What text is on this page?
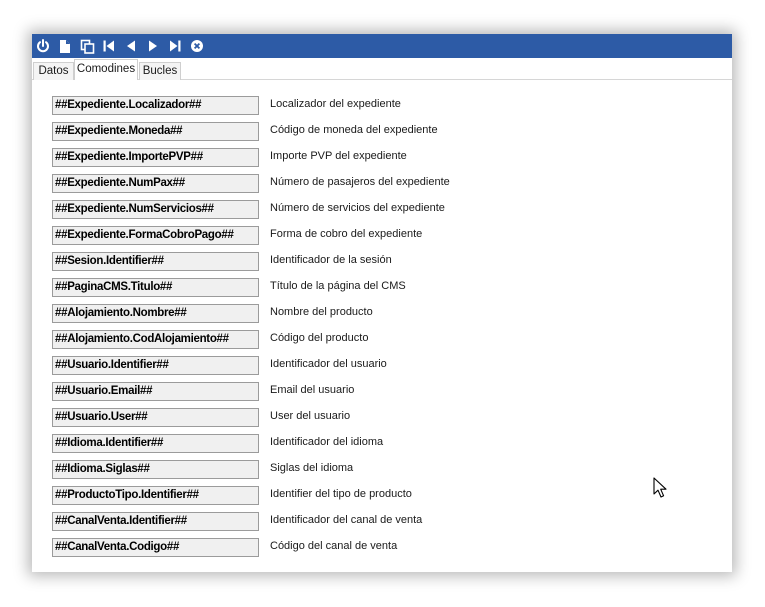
Datos Comodines Bucles
##Expediente.Localizador##	Localizador del expediente
##Expediente.Moneda##	Código de moneda del expediente
##Expediente.ImportePVP##	Importe PVP del expediente
##Expediente.NumPax##	Número de pasajeros del expediente
##Expediente.NumServicios##	Número de servicios del expediente
##Expediente.FormaCobroPago##	Forma de cobro del expediente
##Sesion.Identifier##	Identificador de la sesión
##PaginaCMS.Titulo##	Título de la página del CMS
##Alojamiento.Nombre##	Nombre del producto
##Alojamiento.CodAlojamiento##	Código del producto
##Usuario.Identifier##	Identificador del usuario
##Usuario.Email##	Email del usuario
##Usuario.User##	User del usuario
##Idioma.Identifier##	Identificador del idioma
##Idioma.Siglas##	Siglas del idioma
##ProductoTipo.Identifier##	Identifier del tipo de producto
##CanalVenta.Identifier##	Identificador del canal de venta
##CanalVenta.Codigo##	Código del canal de venta
